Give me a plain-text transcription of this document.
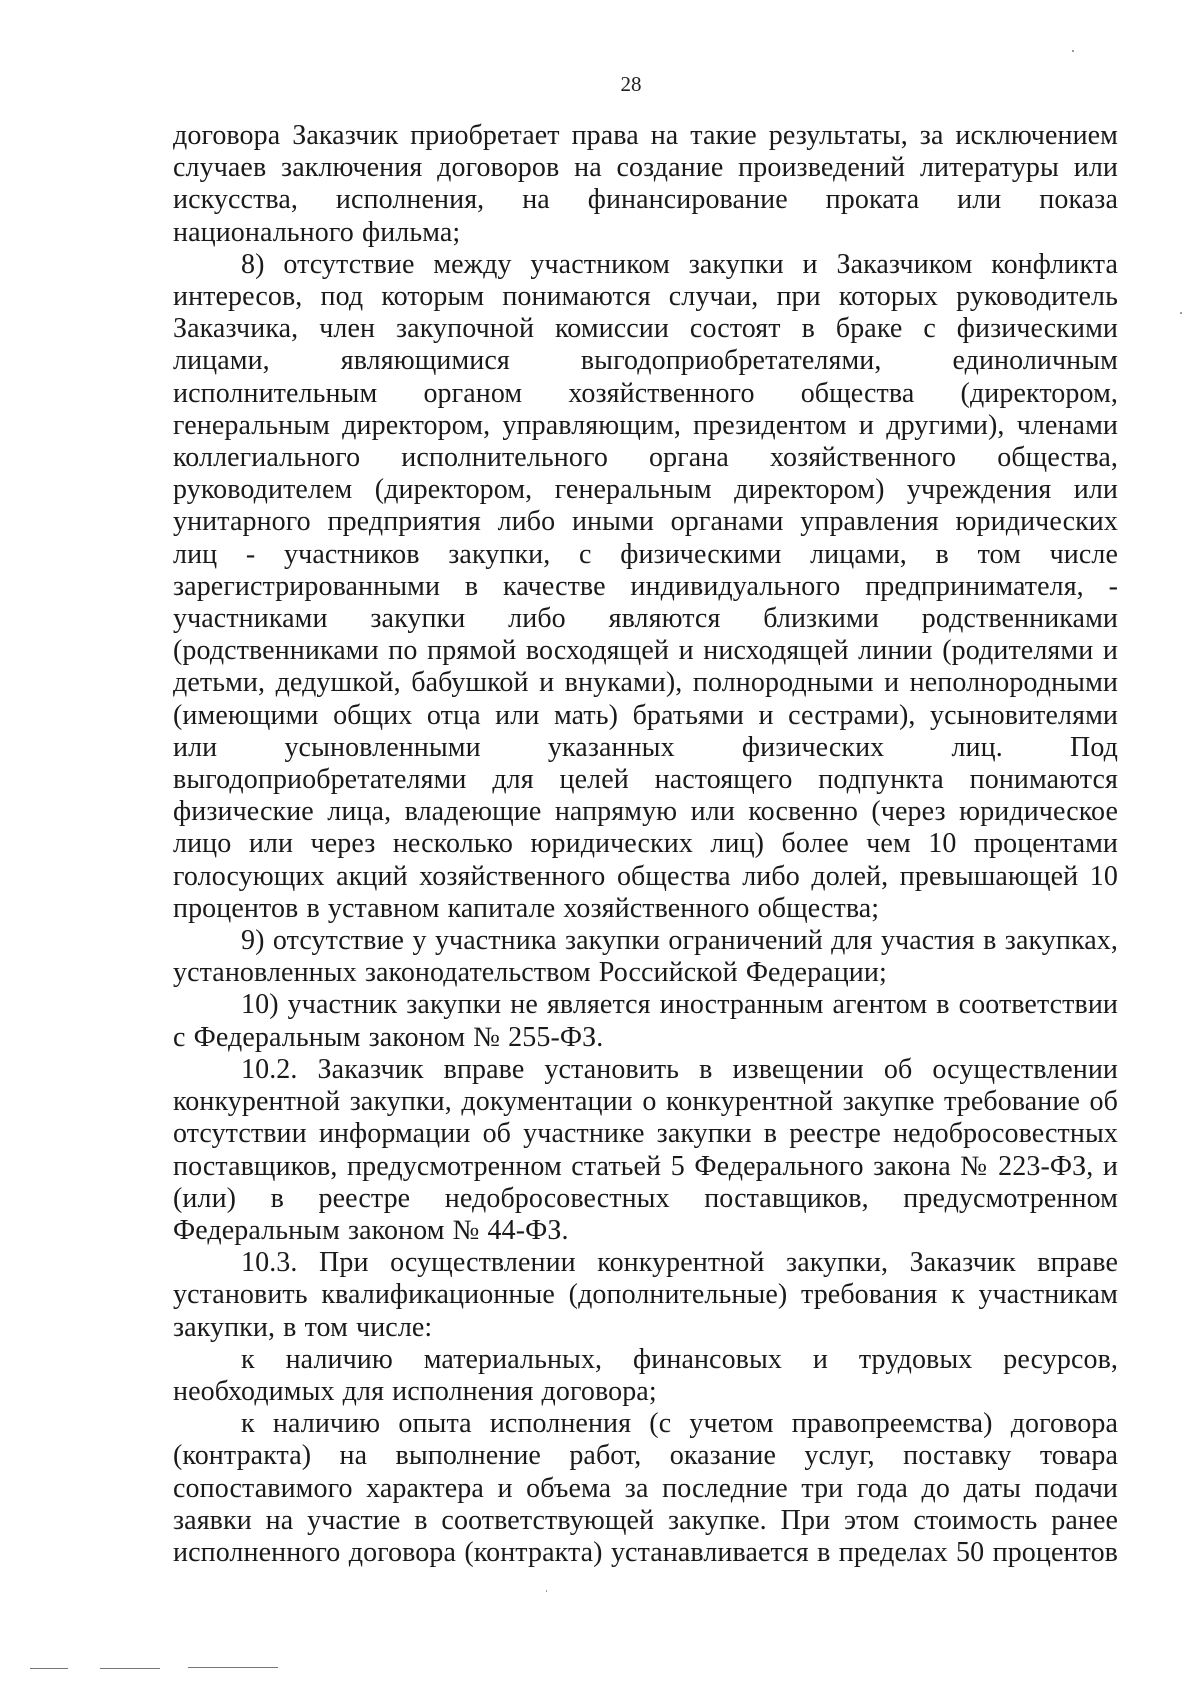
28

договора Заказчик приобретает права на такие результаты, за исключением случаев заключения договоров на создание произведений литературы или искусства, исполнения, на финансирование проката или показа национального фильма;

8) отсутствие между участником закупки и Заказчиком конфликта интересов, под которым понимаются случаи, при которых руководитель Заказчика, член закупочной комиссии состоят в браке с физическими лицами, являющимися выгодоприобретателями, единоличным исполнительным органом хозяйственного общества (директором, генеральным директором, управляющим, президентом и другими), членами коллегиального исполнительного органа хозяйственного общества, руководителем (директором, генеральным директором) учреждения или унитарного предприятия либо иными органами управления юридических лиц - участников закупки, с физическими лицами, в том числе зарегистрированными в качестве индивидуального предпринимателя, - участниками закупки либо являются близкими родственниками (родственниками по прямой восходящей и нисходящей линии (родителями и детьми, дедушкой, бабушкой и внуками), полнородными и неполнородными (имеющими общих отца или мать) братьями и сестрами), усыновителями или усыновленными указанных физических лиц. Под выгодоприобретателями для целей настоящего подпункта понимаются физические лица, владеющие напрямую или косвенно (через юридическое лицо или через несколько юридических лиц) более чем 10 процентами голосующих акций хозяйственного общества либо долей, превышающей 10 процентов в уставном капитале хозяйственного общества;

9) отсутствие у участника закупки ограничений для участия в закупках, установленных законодательством Российской Федерации;

10) участник закупки не является иностранным агентом в соответствии с Федеральным законом № 255-ФЗ.

10.2. Заказчик вправе установить в извещении об осуществлении конкурентной закупки, документации о конкурентной закупке требование об отсутствии информации об участнике закупки в реестре недобросовестных поставщиков, предусмотренном статьей 5 Федерального закона № 223-ФЗ, и (или) в реестре недобросовестных поставщиков, предусмотренном Федеральным законом № 44-ФЗ.

10.3. При осуществлении конкурентной закупки, Заказчик вправе установить квалификационные (дополнительные) требования к участникам закупки, в том числе:

к наличию материальных, финансовых и трудовых ресурсов, необходимых для исполнения договора;

к наличию опыта исполнения (с учетом правопреемства) договора (контракта) на выполнение работ, оказание услуг, поставку товара сопоставимого характера и объема за последние три года до даты подачи заявки на участие в соответствующей закупке. При этом стоимость ранее исполненного договора (контракта) устанавливается в пределах 50 процентов
